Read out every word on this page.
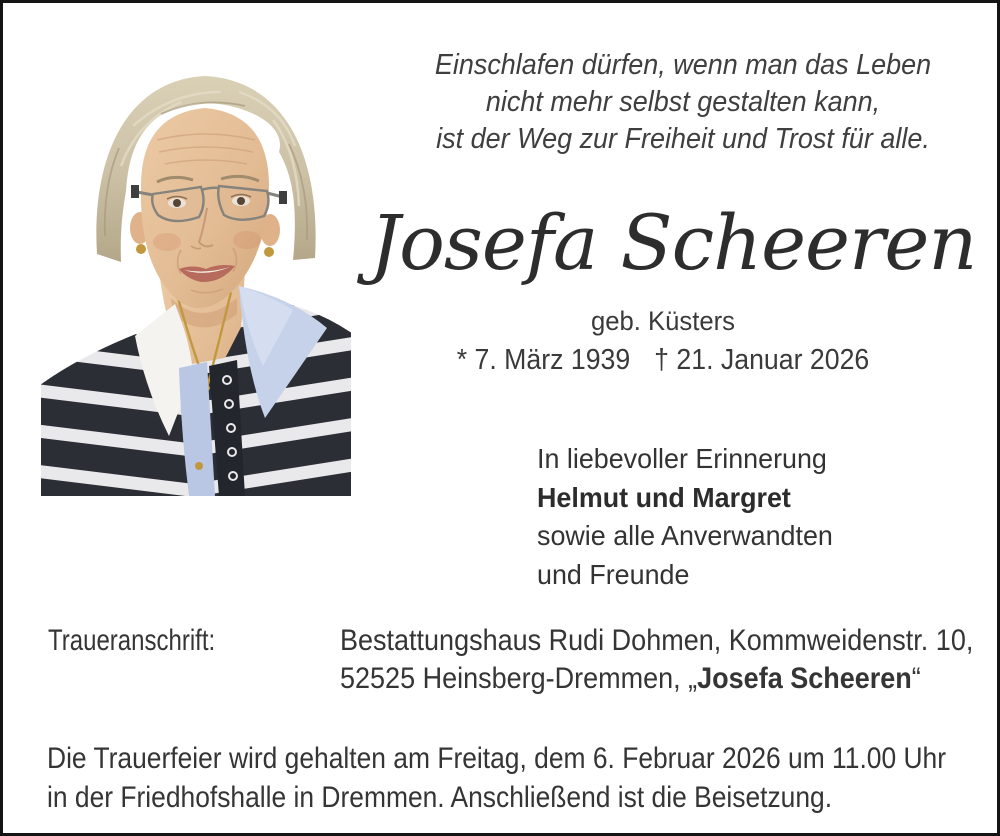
Einschlafen dürfen, wenn man das Leben
nicht mehr selbst gestalten kann,
ist der Weg zur Freiheit und Trost für alle.
Josefa Scheeren
geb. Küsters
* 7. März 1939 † 21. Januar 2026
In liebevoller Erinnerung
Helmut und Margret
sowie alle Anverwandten
und Freunde
Traueranschrift:	Bestattungshaus Rudi Dohmen, Kommweidenstr. 10,
52525 Heinsberg-Dremmen, „Josefa Scheeren“
Die Trauerfeier wird gehalten am Freitag, dem 6. Februar 2026 um 11.00 Uhr
in der Friedhofshalle in Dremmen. Anschließend ist die Beisetzung.
